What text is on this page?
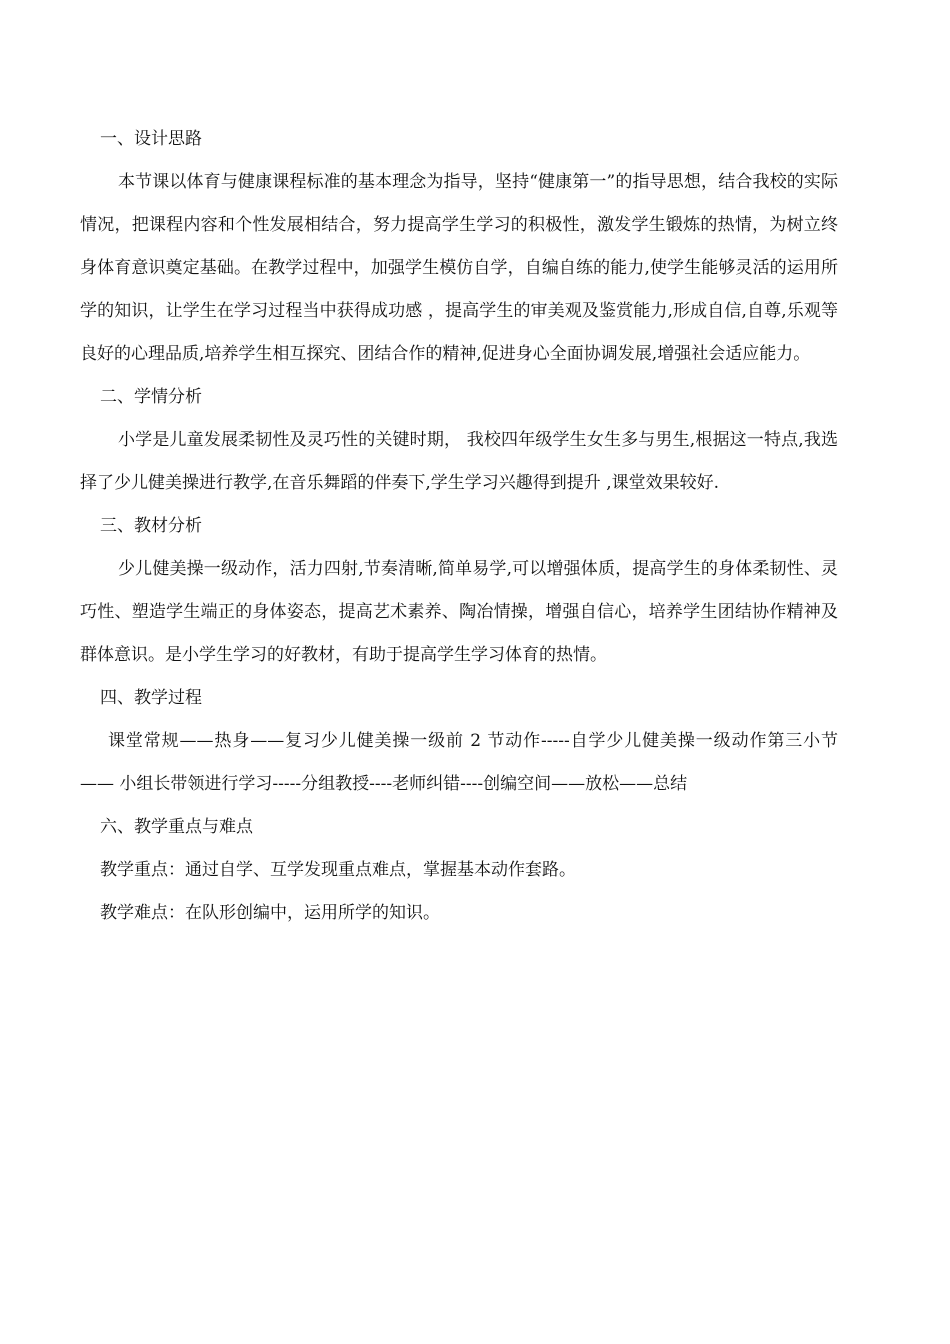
一、设计思路

本节课以体育与健康课程标准的基本理念为指导，坚持“健康第一”的指导思想，结合我校的实际情况，把课程内容和个性发展相结合，努力提高学生学习的积极性，激发学生锻炼的热情，为树立终身体育意识奠定基础。在教学过程中，加强学生模仿自学，自编自练的能力,使学生能够灵活的运用所学的知识，让学生在学习过程当中获得成功感 ，提高学生的审美观及鉴赏能力,形成自信,自尊,乐观等良好的心理品质,培养学生相互探究、团结合作的精神,促进身心全面协调发展,增强社会适应能力。

二、学情分析

小学是儿童发展柔韧性及灵巧性的关键时期， 我校四年级学生女生多与男生,根据这一特点,我选择了少儿健美操进行教学,在音乐舞蹈的伴奏下,学生学习兴趣得到提升 ,课堂效果较好.

三、教材分析

少儿健美操一级动作，活力四射,节奏清晰,简单易学,可以增强体质，提高学生的身体柔韧性、灵巧性、塑造学生端正的身体姿态，提高艺术素养、陶冶情操，增强自信心，培养学生团结协作精神及群体意识。是小学生学习的好教材，有助于提高学生学习体育的热情。

四、教学过程

课堂常规——热身——复习少儿健美操一级前 2 节动作-----自学少儿健美操一级动作第三小节 —— 小组长带领进行学习-----分组教授----老师纠错----创编空间——放松——总结

六、教学重点与难点

教学重点：通过自学、互学发现重点难点，掌握基本动作套路。

教学难点：在队形创编中，运用所学的知识。
